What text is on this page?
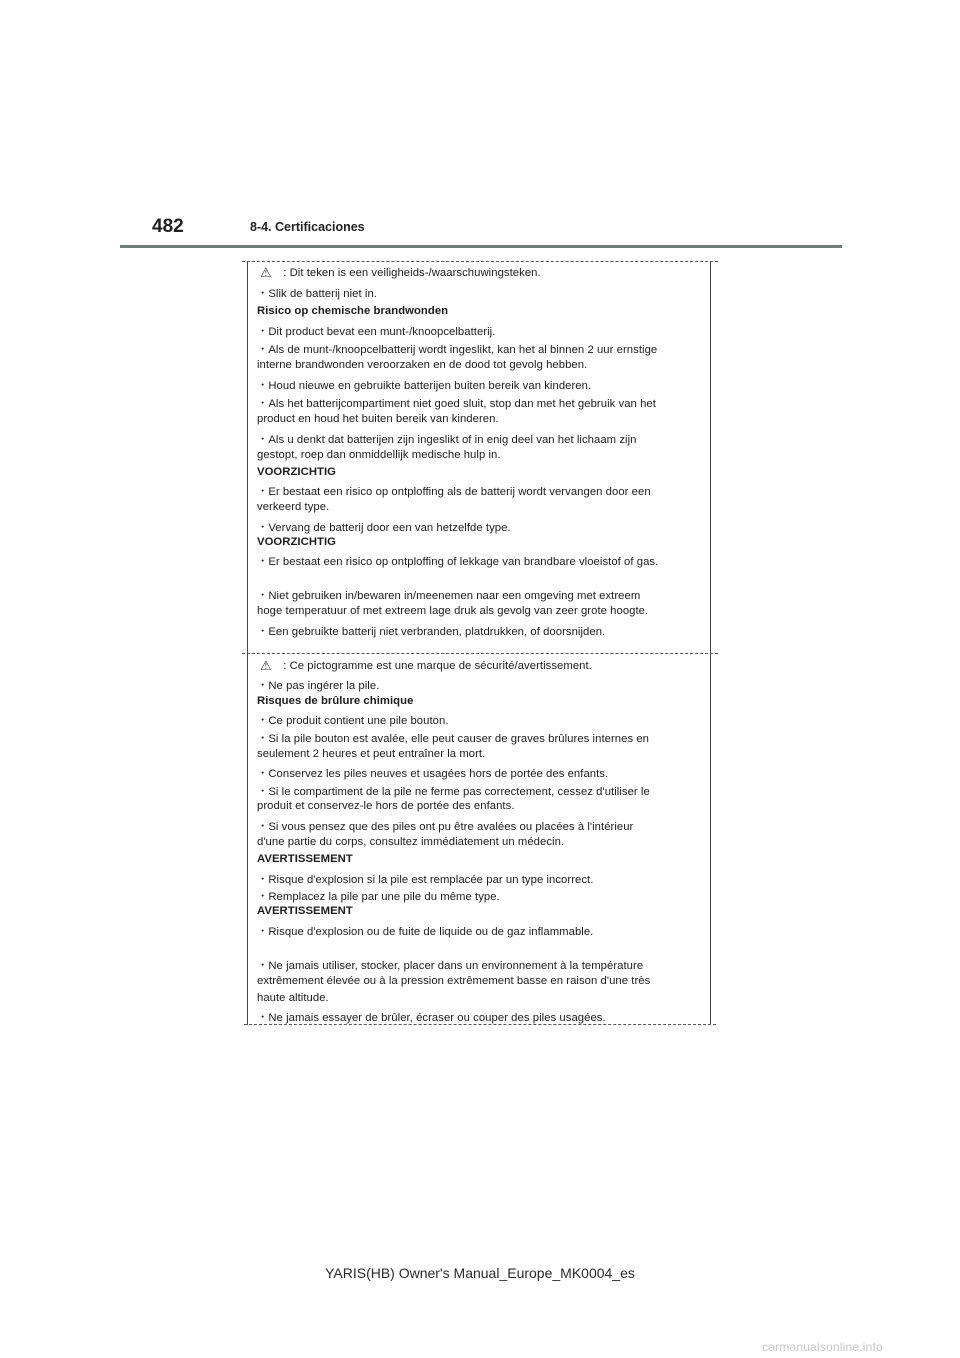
482	8-4. Certificaciones
⚠ : Dit teken is een veiligheids-/waarschuwingsteken.
・Slik de batterij niet in.
Risico op chemische brandwonden
・Dit product bevat een munt-/knoopcelbatterij.
・Als de munt-/knoopcelbatterij wordt ingeslikt, kan het al binnen 2 uur ernstige
interne brandwonden veroorzaken en de dood tot gevolg hebben.
・Houd nieuwe en gebruikte batterijen buiten bereik van kinderen.
・Als het batterijcompartiment niet goed sluit, stop dan met het gebruik van het
product en houd het buiten bereik van kinderen.
・Als u denkt dat batterijen zijn ingeslikt of in enig deel van het lichaam zijn
gestopt, roep dan onmiddellijk medische hulp in.
VOORZICHTIG
・Er bestaat een risico op ontploffing als de batterij wordt vervangen door een
verkeerd type.
・Vervang de batterij door een van hetzelfde type.
VOORZICHTIG
・Er bestaat een risico op ontploffing of lekkage van brandbare vloeistof of gas.
・Niet gebruiken in/bewaren in/meenemen naar een omgeving met extreem
hoge temperatuur of met extreem lage druk als gevolg van zeer grote hoogte.
・Een gebruikte batterij niet verbranden, platdrukken, of doorsnijden.
⚠ : Ce pictogramme est une marque de sécurité/avertissement.
・Ne pas ingérer la pile.
Risques de brûlure chimique
・Ce produit contient une pile bouton.
・Si la pile bouton est avalée, elle peut causer de graves brûlures internes en
seulement 2 heures et peut entraîner la mort.
・Conservez les piles neuves et usagées hors de portée des enfants.
・Si le compartiment de la pile ne ferme pas correctement, cessez d'utiliser le
produit et conservez-le hors de portée des enfants.
・Si vous pensez que des piles ont pu être avalées ou placées à l'intérieur
d'une partie du corps, consultez immédiatement un médecin.
AVERTISSEMENT
・Risque d'explosion si la pile est remplacée par un type incorrect.
・Remplacez la pile par une pile du même type.
AVERTISSEMENT
・Risque d'explosion ou de fuite de liquide ou de gaz inflammable.
・Ne jamais utiliser, stocker, placer dans un environnement à la température
extrêmement élevée ou à la pression extrêmement basse en raison d'une très
haute altitude.
・Ne jamais essayer de brûler, écraser ou couper des piles usagées.
YARIS(HB) Owner's Manual_Europe_MK0004_es
carmanualsonline.info
